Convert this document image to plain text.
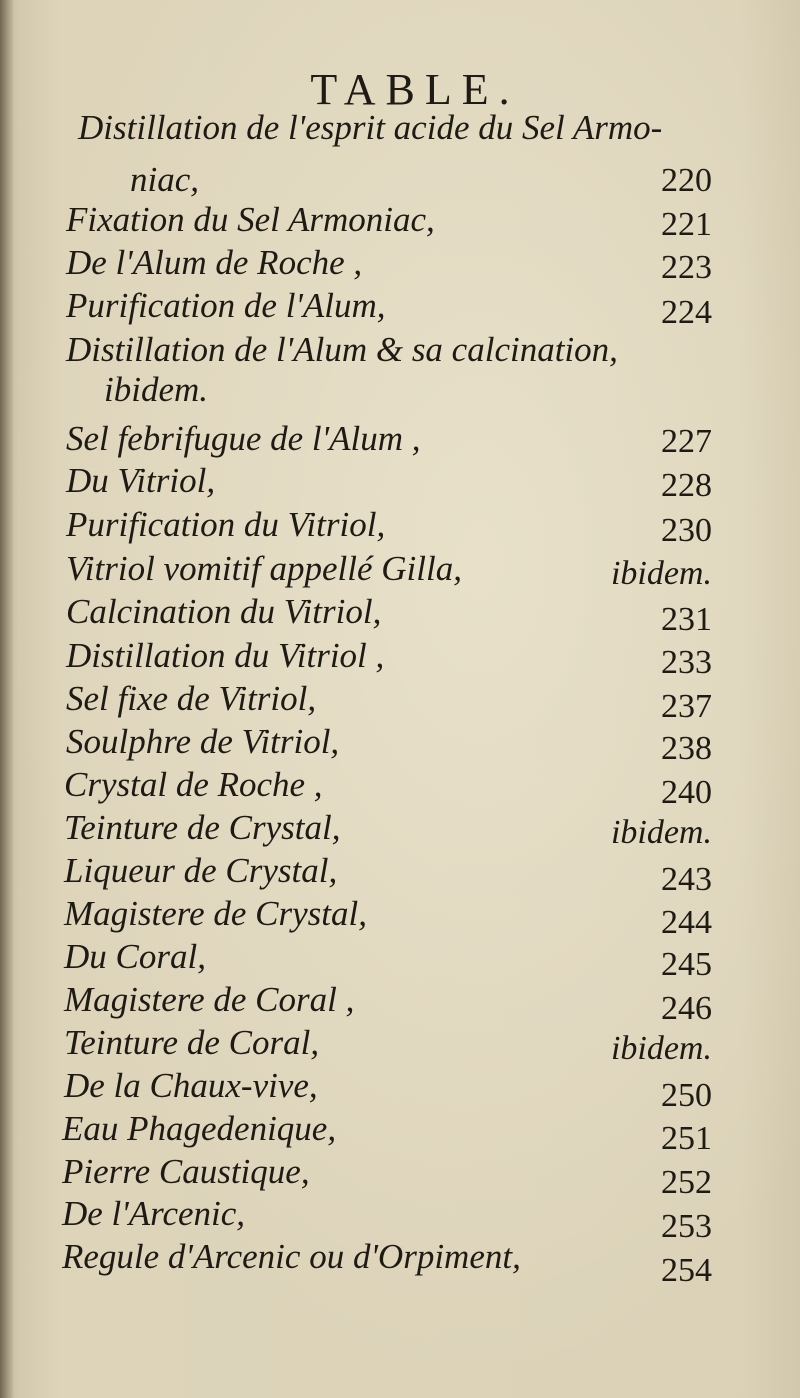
TABLE.
Distillation de l'esprit acide du Sel Armo-
niac,	220
Fixation du Sel Armoniac,	221
De l'Alum de Roche ,	223
Purification de l'Alum,	224
Distillation de l'Alum & sa calcination,
ibidem.
Sel febrifugue de l'Alum ,	227
Du Vitriol,	228
Purification du Vitriol,	230
Vitriol vomitif appellé Gilla,	ibidem.
Calcination du Vitriol,	231
Distillation du Vitriol ,	233
Sel fixe de Vitriol,	237
Soulphre de Vitriol,	238
Crystal de Roche ,	240
Teinture de Crystal,	ibidem.
Liqueur de Crystal,	243
Magistere de Crystal,	244
Du Coral,	245
Magistere de Coral ,	246
Teinture de Coral,	ibidem.
De la Chaux-vive,	250
Eau Phagedenique,	251
Pierre Caustique,	252
De l'Arcenic,	253
Regule d'Arcenic ou d'Orpiment,	254
